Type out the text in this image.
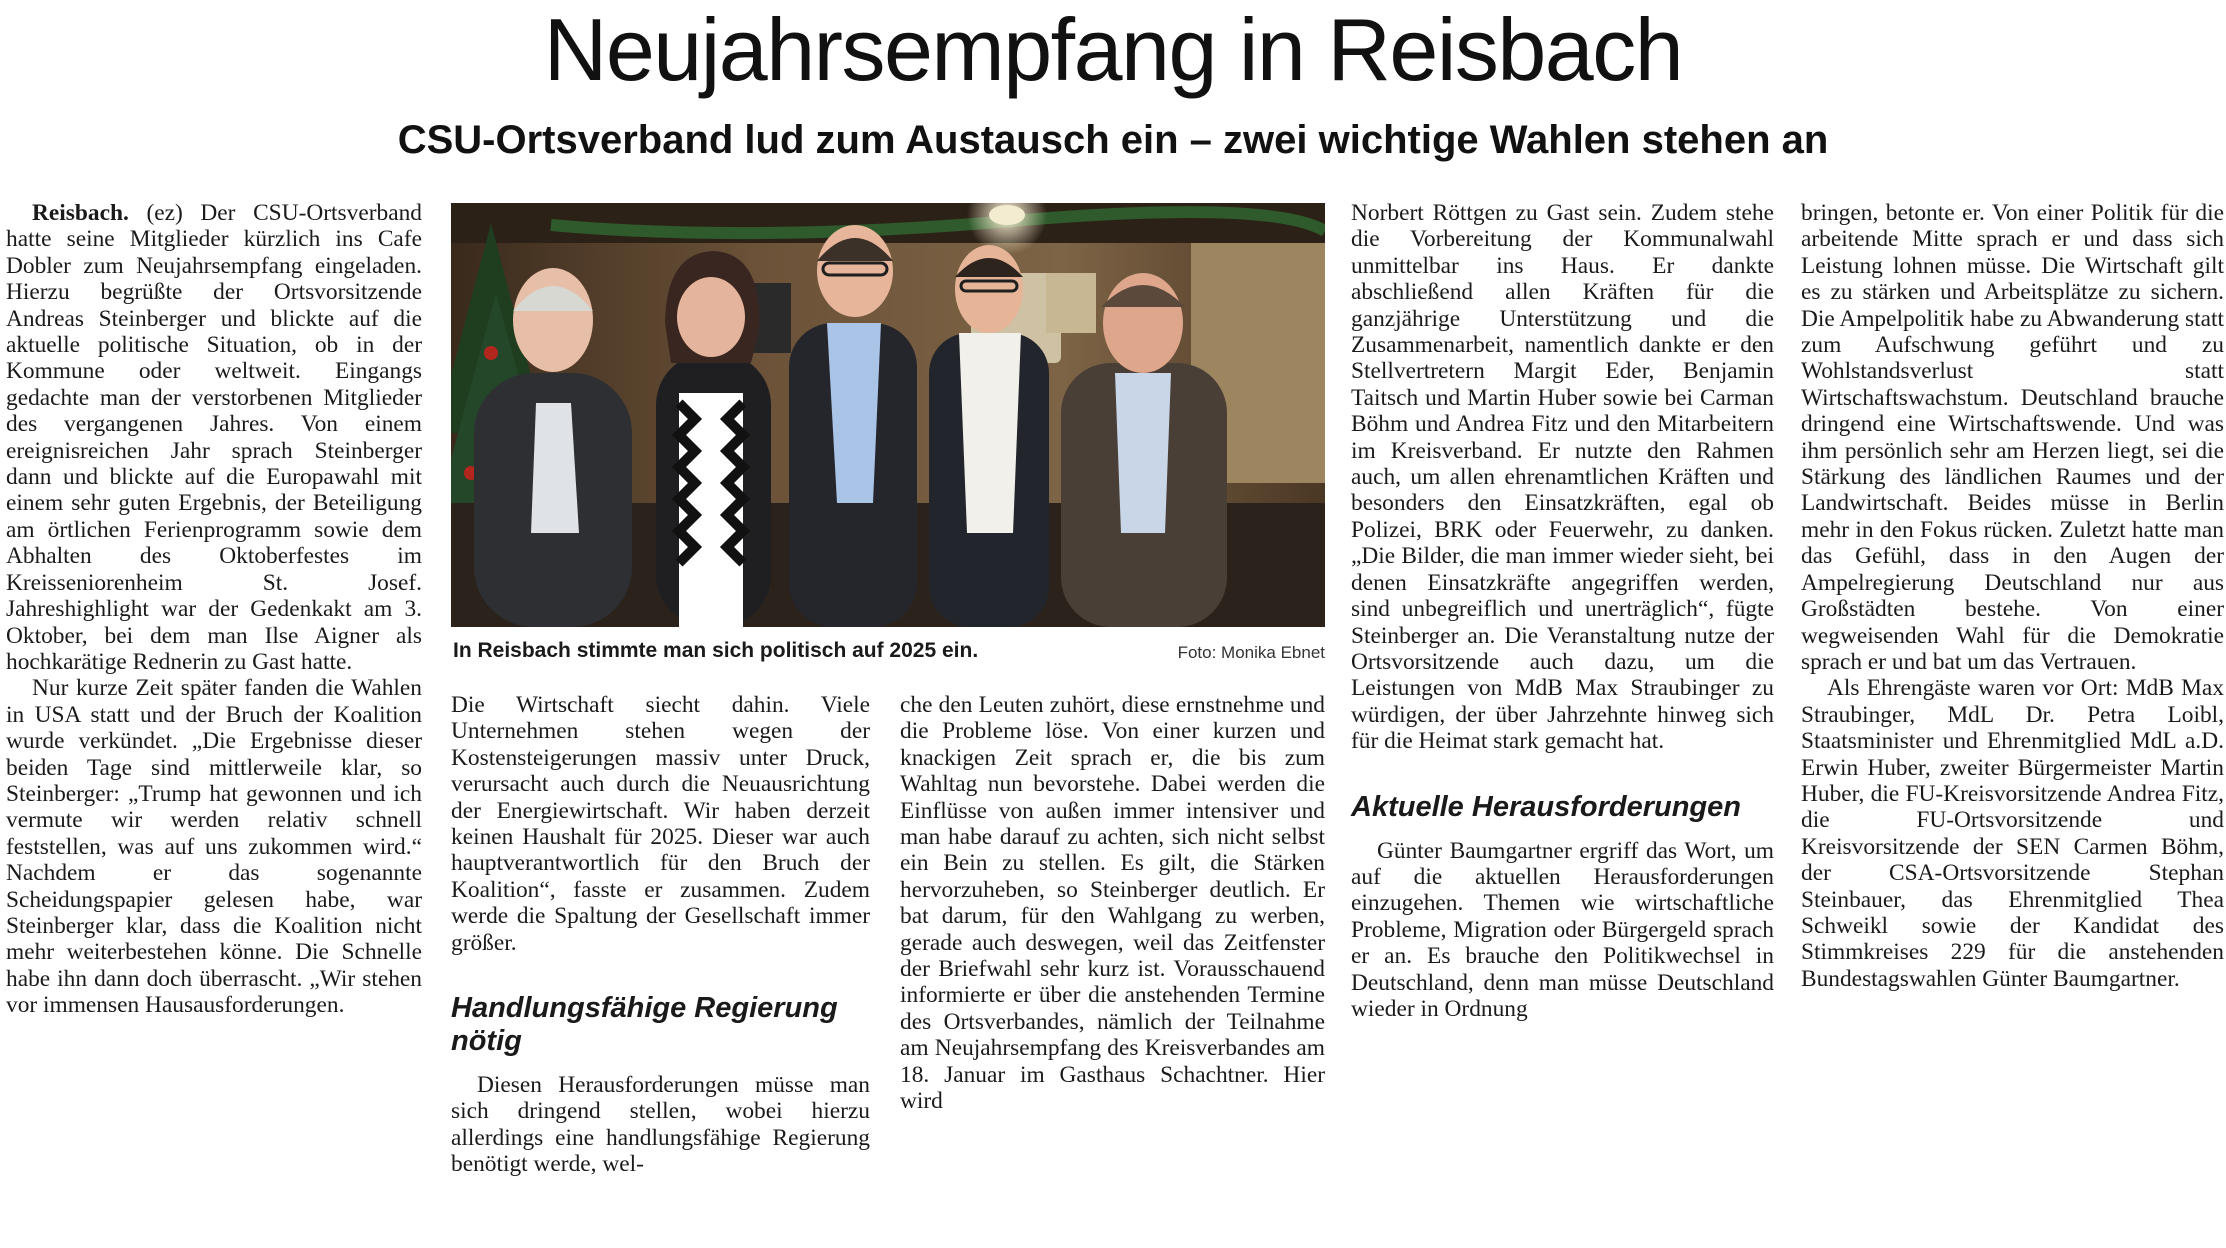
Neujahrsempfang in Reisbach
CSU-Ortsverband lud zum Austausch ein – zwei wichtige Wahlen stehen an

Reisbach. (ez) Der CSU-Ortsverband hatte seine Mitglieder kürzlich ins Cafe Dobler zum Neujahrsempfang eingeladen. Hierzu begrüßte der Ortsvorsitzende Andreas Steinberger und blickte auf die aktuelle politische Situation, ob in der Kommune oder weltweit. Eingangs gedachte man der verstorbenen Mitglieder des vergangenen Jahres. Von einem ereignisreichen Jahr sprach Steinberger dann und blickte auf die Europawahl mit einem sehr guten Ergebnis, der Beteiligung am örtlichen Ferienprogramm sowie dem Abhalten des Oktoberfestes im Kreisseniorenheim St. Josef. Jahreshighlight war der Gedenkakt am 3. Oktober, bei dem man Ilse Aigner als hochkarätige Rednerin zu Gast hatte.

Nur kurze Zeit später fanden die Wahlen in USA statt und der Bruch der Koalition wurde verkündet. „Die Ergebnisse dieser beiden Tage sind mittlerweile klar, so Steinberger: „Trump hat gewonnen und ich vermute wir werden relativ schnell feststellen, was auf uns zukommen wird.“ Nachdem er das sogenannte Scheidungspapier gelesen habe, war Steinberger klar, dass die Koalition nicht mehr weiterbestehen könne. Die Schnelle habe ihn dann doch überrascht. „Wir stehen vor immensen Hausausforderungen.

In Reisbach stimmte man sich politisch auf 2025 ein.	Foto: Monika Ebnet

Die Wirtschaft siecht dahin. Viele Unternehmen stehen wegen der Kostensteigerungen massiv unter Druck, verursacht auch durch die Neuausrichtung der Energiewirtschaft. Wir haben derzeit keinen Haushalt für 2025. Dieser war auch hauptverantwortlich für den Bruch der Koalition“, fasste er zusammen. Zudem werde die Spaltung der Gesellschaft immer größer.

Handlungsfähige Regierung nötig

Diesen Herausforderungen müsse man sich dringend stellen, wobei hierzu allerdings eine handlungsfähige Regierung benötigt werde, wel-

che den Leuten zuhört, diese ernstnehme und die Probleme löse. Von einer kurzen und knackigen Zeit sprach er, die bis zum Wahltag nun bevorstehe. Dabei werden die Einflüsse von außen immer intensiver und man habe darauf zu achten, sich nicht selbst ein Bein zu stellen. Es gilt, die Stärken hervorzuheben, so Steinberger deutlich. Er bat darum, für den Wahlgang zu werben, gerade auch deswegen, weil das Zeitfenster der Briefwahl sehr kurz ist. Vorausschauend informierte er über die anstehenden Termine des Ortsverbandes, nämlich der Teilnahme am Neujahrsempfang des Kreisverbandes am 18. Januar im Gasthaus Schachtner. Hier wird

Norbert Röttgen zu Gast sein. Zudem stehe die Vorbereitung der Kommunalwahl unmittelbar ins Haus. Er dankte abschließend allen Kräften für die ganzjährige Unterstützung und die Zusammenarbeit, namentlich dankte er den Stellvertretern Margit Eder, Benjamin Taitsch und Martin Huber sowie bei Carman Böhm und Andrea Fitz und den Mitarbeitern im Kreisverband. Er nutzte den Rahmen auch, um allen ehrenamtlichen Kräften und besonders den Einsatzkräften, egal ob Polizei, BRK oder Feuerwehr, zu danken. „Die Bilder, die man immer wieder sieht, bei denen Einsatzkräfte angegriffen werden, sind unbegreiflich und unerträglich“, fügte Steinberger an. Die Veranstaltung nutze der Ortsvorsitzende auch dazu, um die Leistungen von MdB Max Straubinger zu würdigen, der über Jahrzehnte hinweg sich für die Heimat stark gemacht hat.

Aktuelle Herausforderungen

Günter Baumgartner ergriff das Wort, um auf die aktuellen Herausforderungen einzugehen. Themen wie wirtschaftliche Probleme, Migration oder Bürgergeld sprach er an. Es brauche den Politikwechsel in Deutschland, denn man müsse Deutschland wieder in Ordnung

bringen, betonte er. Von einer Politik für die arbeitende Mitte sprach er und dass sich Leistung lohnen müsse. Die Wirtschaft gilt es zu stärken und Arbeitsplätze zu sichern. Die Ampelpolitik habe zu Abwanderung statt zum Aufschwung geführt und zu Wohlstandsverlust statt Wirtschaftswachstum. Deutschland brauche dringend eine Wirtschaftswende. Und was ihm persönlich sehr am Herzen liegt, sei die Stärkung des ländlichen Raumes und der Landwirtschaft. Beides müsse in Berlin mehr in den Fokus rücken. Zuletzt hatte man das Gefühl, dass in den Augen der Ampelregierung Deutschland nur aus Großstädten bestehe. Von einer wegweisenden Wahl für die Demokratie sprach er und bat um das Vertrauen.

Als Ehrengäste waren vor Ort: MdB Max Straubinger, MdL Dr. Petra Loibl, Staatsminister und Ehrenmitglied MdL a.D. Erwin Huber, zweiter Bürgermeister Martin Huber, die FU-Kreisvorsitzende Andrea Fitz, die FU-Ortsvorsitzende und Kreisvorsitzende der SEN Carmen Böhm, der CSA-Ortsvorsitzende Stephan Steinbauer, das Ehrenmitglied Thea Schweikl sowie der Kandidat des Stimmkreises 229 für die anstehenden Bundestagswahlen Günter Baumgartner.
